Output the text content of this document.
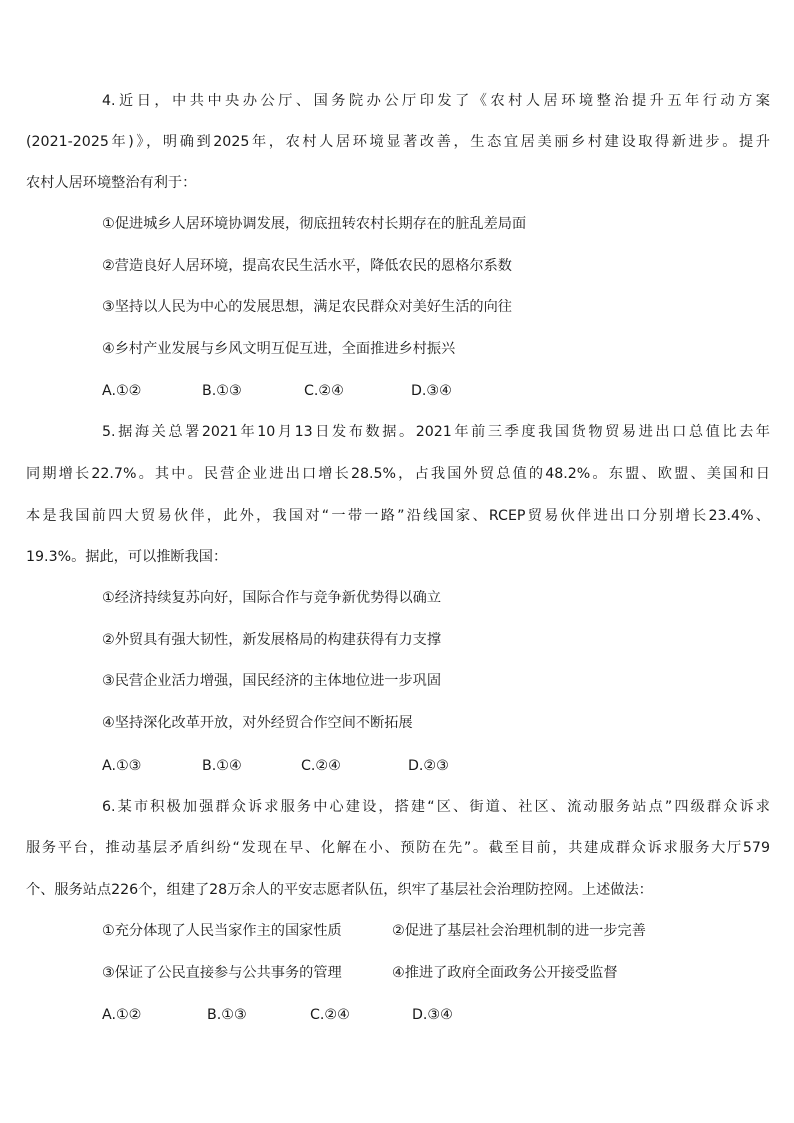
4.近日，中共中央办公厅、国务院办公厅印发了《农村人居环境整治提升五年行动方案
(2021-2025年)》，明确到2025年，农村人居环境显著改善，生态宜居美丽乡村建设取得新进步。提升
农村人居环境整治有利于：
①促进城乡人居环境协调发展，彻底扭转农村长期存在的脏乱差局面
②营造良好人居环境，提高农民生活水平，降低农民的恩格尔系数
③坚持以人民为中心的发展思想，满足农民群众对美好生活的向往
④乡村产业发展与乡风文明互促互进，全面推进乡村振兴
A.①②	B.①③	C.②④	D.③④
5.据海关总署2021年10月13日发布数据。2021年前三季度我国货物贸易进出口总值比去年
同期增长22.7%。其中。民营企业进出口增长28.5%，占我国外贸总值的48.2%。东盟、欧盟、美国和日
本是我国前四大贸易伙伴，此外，我国对“一带一路”沿线国家、RCEP贸易伙伴进出口分别增长23.4%、
19.3%。据此，可以推断我国：
①经济持续复苏向好，国际合作与竞争新优势得以确立
②外贸具有强大韧性，新发展格局的构建获得有力支撑
③民营企业活力增强，国民经济的主体地位进一步巩固
④坚持深化改革开放，对外经贸合作空间不断拓展
A.①③	B.①④	C.②④	D.②③
6.某市积极加强群众诉求服务中心建设，搭建“区、街道、社区、流动服务站点”四级群众诉求
服务平台，推动基层矛盾纠纷“发现在早、化解在小、预防在先”。截至目前，共建成群众诉求服务大厅579
个、服务站点226个，组建了28万余人的平安志愿者队伍，织牢了基层社会治理防控网。上述做法：
①充分体现了人民当家作主的国家性质	②促进了基层社会治理机制的进一步完善
③保证了公民直接参与公共事务的管理	④推进了政府全面政务公开接受监督
A.①②	B.①③	C.②④	D.③④
